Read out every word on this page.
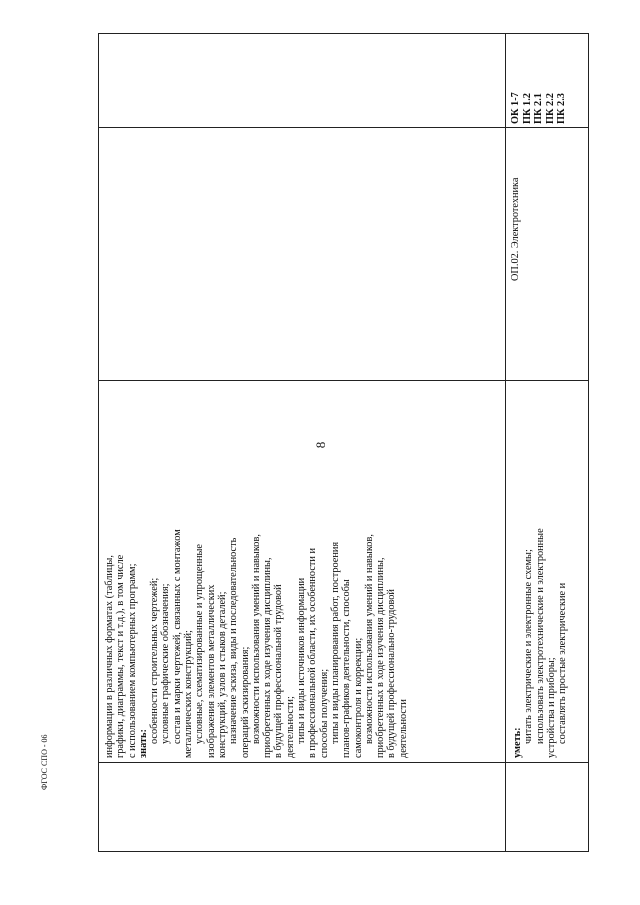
информации в различных форматах (таблицы, графики, диаграммы, текст и т.д.), в том числе с использованием компьютерных программ; знать: особенности строительных чертежей; условные графические обозначения; состав и марки чертежей, связанных с монтажом металлических конструкций; условные, схематизированные и упрощенные изображения элементов металлических конструкций, узлов и стыков деталей; назначение эскиза, виды и последовательность операций эскизирования; возможности использования умений и навыков, приобретенных в ходе изучения дисциплины, в будущей профессиональной трудовой деятельности; типы и виды источников информации в профессиональной области, их особенности и способы получения; типы и виды планирования работ, построения планов-графиков деятельности, способы самоконтроля и коррекции; возможности использования умений и навыков, приобретенных в ходе изучения дисциплины, в будущей профессионально-трудовой деятельности	уметь: читать электрические и электронные схемы; использовать электротехнические и электронные устройства и приборы; составлять простые электрические и
ОП.02. Электротехника
ОК 1-7 ПК 1.2 ПК 2.1 ПК 2.2 ПК 2.3
8
ФГОС СПО - 06
